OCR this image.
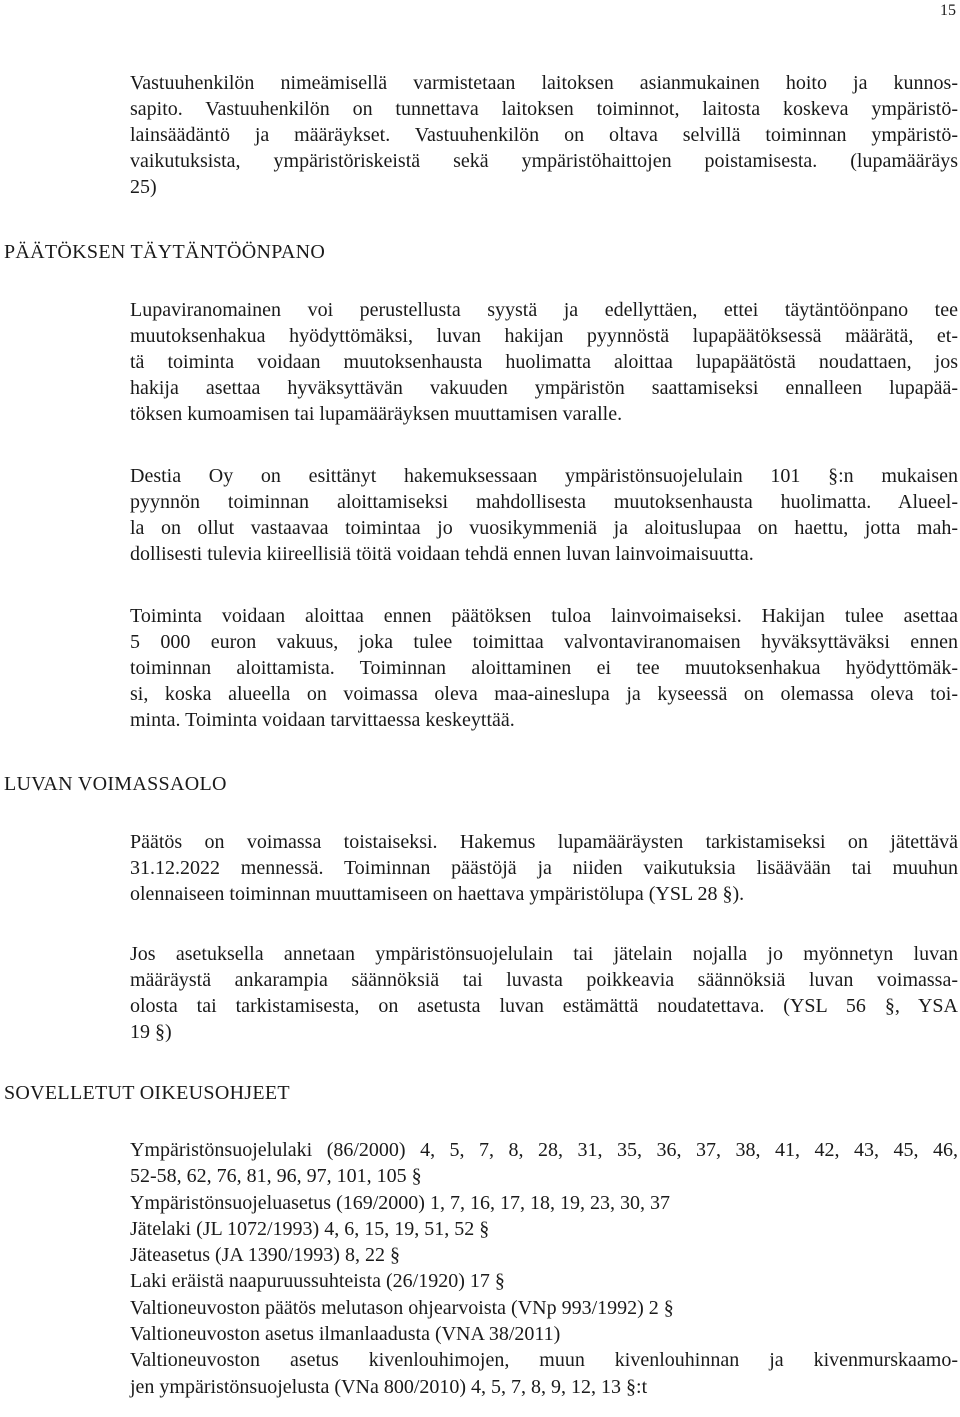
15

Vastuuhenkilön nimeämisellä varmistetaan laitoksen asianmukainen hoito ja kunnos-
sapito. Vastuuhenkilön on tunnettava laitoksen toiminnot, laitosta koskeva ympäristö-
lainsäädäntö ja määräykset. Vastuuhenkilön on oltava selvillä toiminnan ympäristö-
vaikutuksista, ympäristöriskeistä sekä ympäristöhaittojen poistamisesta. (lupamääräys
25)

PÄÄTÖKSEN TÄYTÄNTÖÖNPANO

Lupaviranomainen voi perustellusta syystä ja edellyttäen, ettei täytäntöönpano tee
muutoksenhakua hyödyttömäksi, luvan hakijan pyynnöstä lupapäätöksessä määrätä, et-
tä toiminta voidaan muutoksenhausta huolimatta aloittaa lupapäätöstä noudattaen, jos
hakija asettaa hyväksyttävän vakuuden ympäristön saattamiseksi ennalleen lupapää-
töksen kumoamisen tai lupamääräyksen muuttamisen varalle.

Destia Oy on esittänyt hakemuksessaan ympäristönsuojelulain 101 §:n mukaisen
pyynnön toiminnan aloittamiseksi mahdollisesta muutoksenhausta huolimatta. Alueel-
la on ollut vastaavaa toimintaa jo vuosikymmeniä ja aloituslupaa on haettu, jotta mah-
dollisesti tulevia kiireellisiä töitä voidaan tehdä ennen luvan lainvoimaisuutta.

Toiminta voidaan aloittaa ennen päätöksen tuloa lainvoimaiseksi. Hakijan tulee asettaa
5 000 euron vakuus, joka tulee toimittaa valvontaviranomaisen hyväksyttäväksi ennen
toiminnan aloittamista. Toiminnan aloittaminen ei tee muutoksenhakua hyödyttömäk-
si, koska alueella on voimassa oleva maa-aineslupa ja kyseessä on olemassa oleva toi-
minta. Toiminta voidaan tarvittaessa keskeyttää.

LUVAN VOIMASSAOLO

Päätös on voimassa toistaiseksi. Hakemus lupamääräysten tarkistamiseksi on jätettävä
31.12.2022 mennessä. Toiminnan päästöjä ja niiden vaikutuksia lisäävään tai muuhun
olennaiseen toiminnan muuttamiseen on haettava ympäristölupa (YSL 28 §).

Jos asetuksella annetaan ympäristönsuojelulain tai jätelain nojalla jo myönnetyn luvan
määräystä ankarampia säännöksiä tai luvasta poikkeavia säännöksiä luvan voimassa-
olosta tai tarkistamisesta, on asetusta luvan estämättä noudatettava. (YSL 56 §, YSA
19 §)

SOVELLETUT OIKEUSOHJEET
Ympäristönsuojelulaki (86/2000) 4, 5, 7, 8, 28, 31, 35, 36, 37, 38, 41, 42, 43, 45, 46,
52-58, 62, 76, 81, 96, 97, 101, 105 §
Ympäristönsuojeluasetus (169/2000) 1, 7, 16, 17, 18, 19, 23, 30, 37
Jätelaki (JL 1072/1993) 4, 6, 15, 19, 51, 52 §
Jäteasetus (JA 1390/1993) 8, 22 §
Laki eräistä naapuruussuhteista (26/1920) 17 §
Valtioneuvoston päätös melutason ohjearvoista (VNp 993/1992) 2 §
Valtioneuvoston asetus ilmanlaadusta (VNA 38/2011)
Valtioneuvoston asetus kivenlouhimojen, muun kivenlouhinnan ja kivenmurskaamo-
jen ympäristönsuojelusta (VNa 800/2010) 4, 5, 7, 8, 9, 12, 13 §:t
